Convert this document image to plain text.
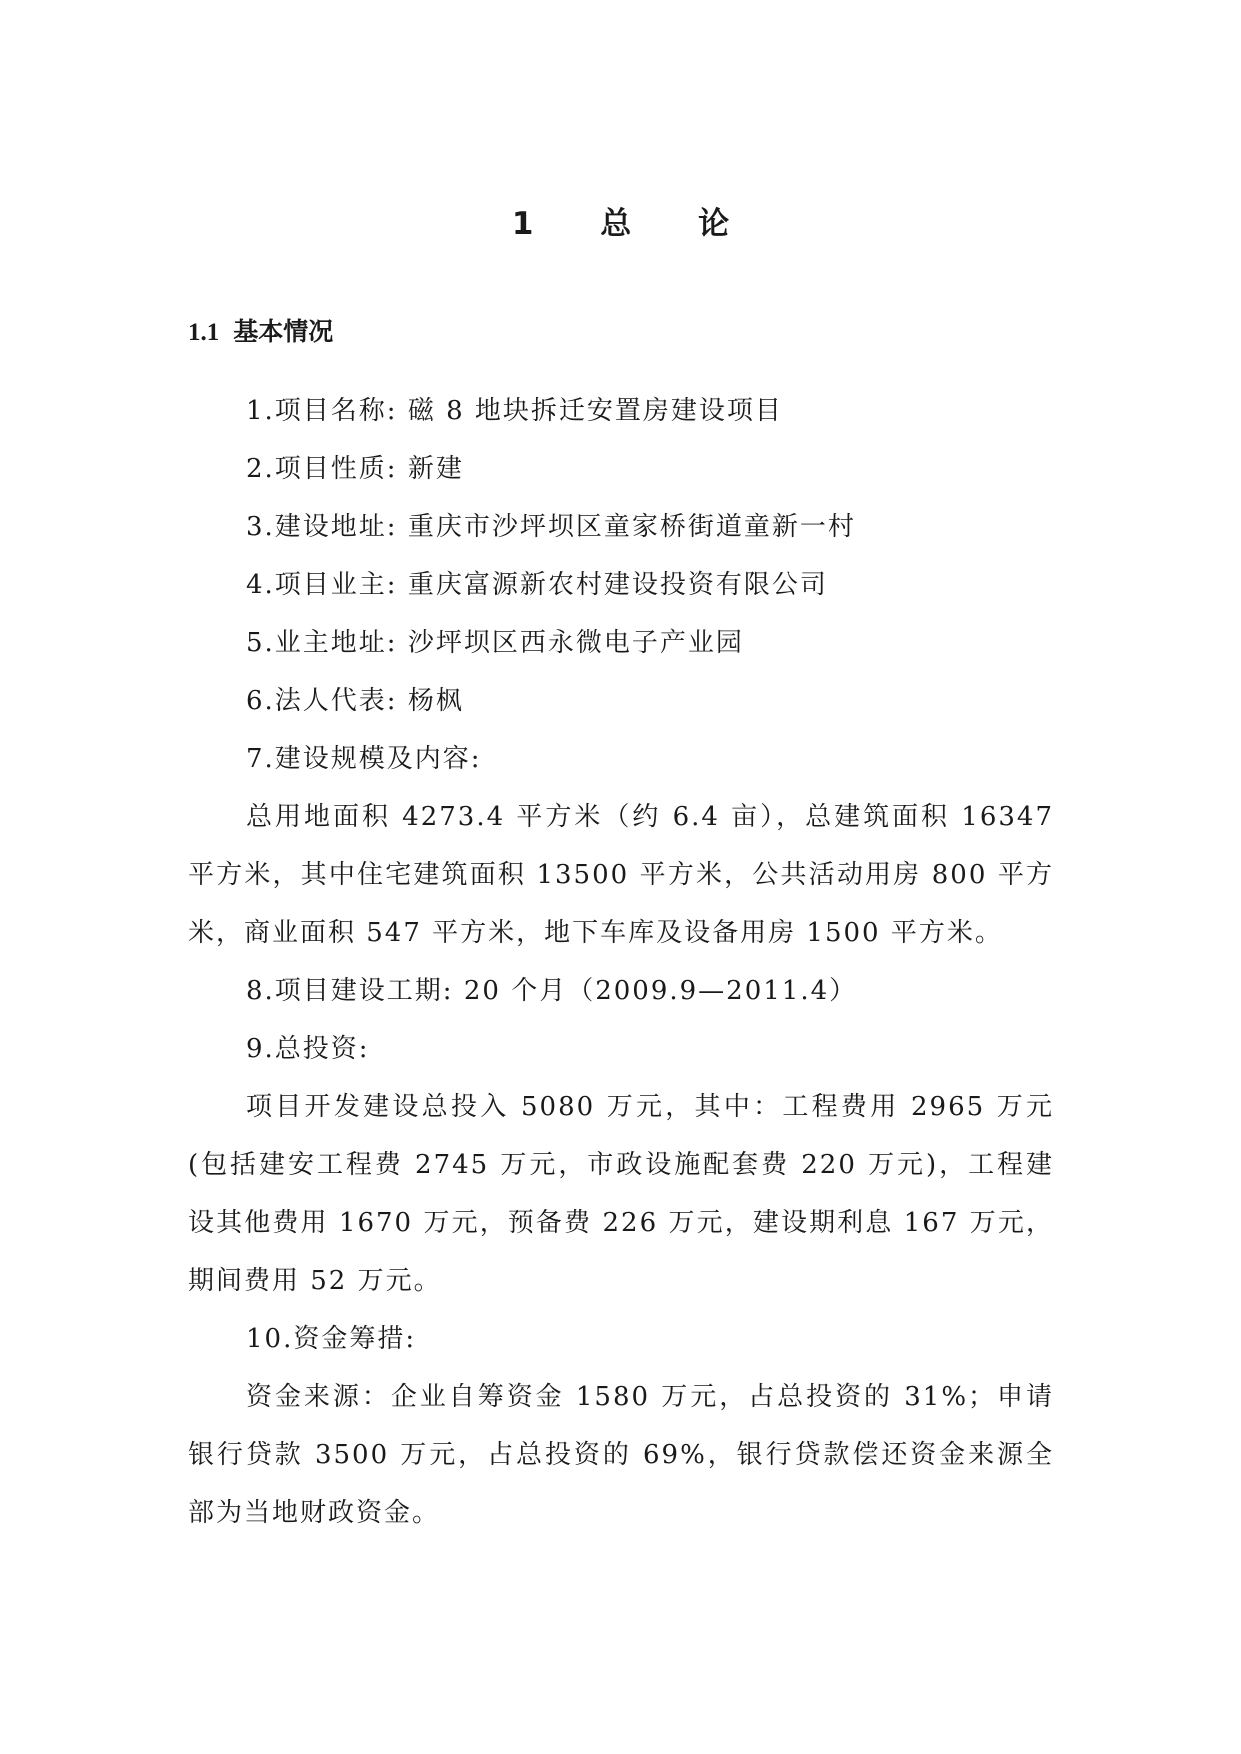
1 总 论
1.1 基本情况

1.项目名称: 磁 8 地块拆迁安置房建设项目

2.项目性质: 新建

3.建设地址: 重庆市沙坪坝区童家桥街道童新一村

4.项目业主: 重庆富源新农村建设投资有限公司

5.业主地址: 沙坪坝区西永微电子产业园

6.法人代表: 杨枫

7.建设规模及内容:

总用地面积 4273.4 平方米（约 6.4 亩），总建筑面积 16347 平方米，其中住宅建筑面积 13500 平方米，公共活动用房 800 平方米，商业面积 547 平方米，地下车库及设备用房 1500 平方米。

8.项目建设工期: 20 个月（2009.9—2011.4）

9.总投资:

项目开发建设总投入 5080 万元，其中：工程费用 2965 万元(包括建安工程费 2745 万元，市政设施配套费 220 万元)，工程建设其他费用 1670 万元，预备费 226 万元，建设期利息 167 万元，期间费用 52 万元。

10.资金筹措:

资金来源：企业自筹资金 1580 万元，占总投资的 31%；申请银行贷款 3500 万元，占总投资的 69%，银行贷款偿还资金来源全部为当地财政资金。
